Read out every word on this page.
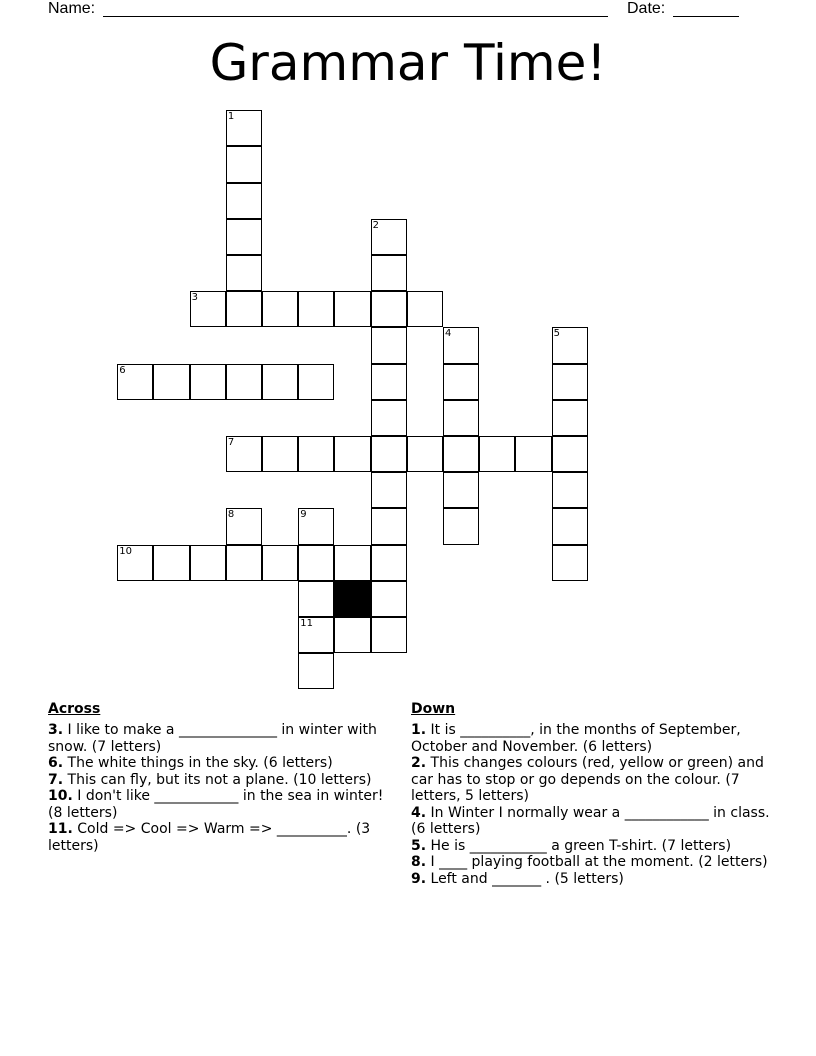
Name:	Date:
Grammar Time!
1
2
3
4	5
6
7
8	9
10
11
Across
3. I like to make a ______________ in winter with snow. (7 letters)
6. The white things in the sky. (6 letters)
7. This can fly, but its not a plane. (10 letters)
10. I don't like ____________ in the sea in winter! (8 letters)
11. Cold => Cool => Warm => __________. (3 letters)
Down
1. It is __________, in the months of September, October and November. (6 letters)
2. This changes colours (red, yellow or green) and car has to stop or go depends on the colour. (7 letters, 5 letters)
4. In Winter I normally wear a ____________ in class. (6 letters)
5. He is ___________ a green T-shirt. (7 letters)
8. I ____ playing football at the moment. (2 letters)
9. Left and _______ . (5 letters)
